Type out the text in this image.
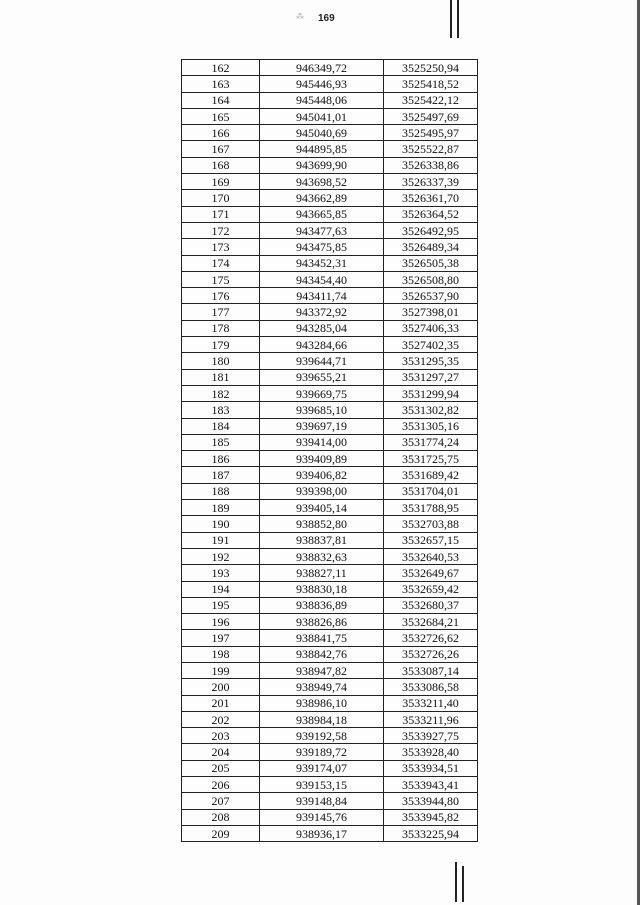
⁂ 169
162	946349,72	3525250,94
163	945446,93	3525418,52
164	945448,06	3525422,12
165	945041,01	3525497,69
166	945040,69	3525495,97
167	944895,85	3525522,87
168	943699,90	3526338,86
169	943698,52	3526337,39
170	943662,89	3526361,70
171	943665,85	3526364,52
172	943477,63	3526492,95
173	943475,85	3526489,34
174	943452,31	3526505,38
175	943454,40	3526508,80
176	943411,74	3526537,90
177	943372,92	3527398,01
178	943285,04	3527406,33
179	943284,66	3527402,35
180	939644,71	3531295,35
181	939655,21	3531297,27
182	939669,75	3531299,94
183	939685,10	3531302,82
184	939697,19	3531305,16
185	939414,00	3531774,24
186	939409,89	3531725,75
187	939406,82	3531689,42
188	939398,00	3531704,01
189	939405,14	3531788,95
190	938852,80	3532703,88
191	938837,81	3532657,15
192	938832,63	3532640,53
193	938827,11	3532649,67
194	938830,18	3532659,42
195	938836,89	3532680,37
196	938826,86	3532684,21
197	938841,75	3532726,62
198	938842,76	3532726,26
199	938947,82	3533087,14
200	938949,74	3533086,58
201	938986,10	3533211,40
202	938984,18	3533211,96
203	939192,58	3533927,75
204	939189,72	3533928,40
205	939174,07	3533934,51
206	939153,15	3533943,41
207	939148,84	3533944,80
208	939145,76	3533945,82
209	938936,17	3533225,94
